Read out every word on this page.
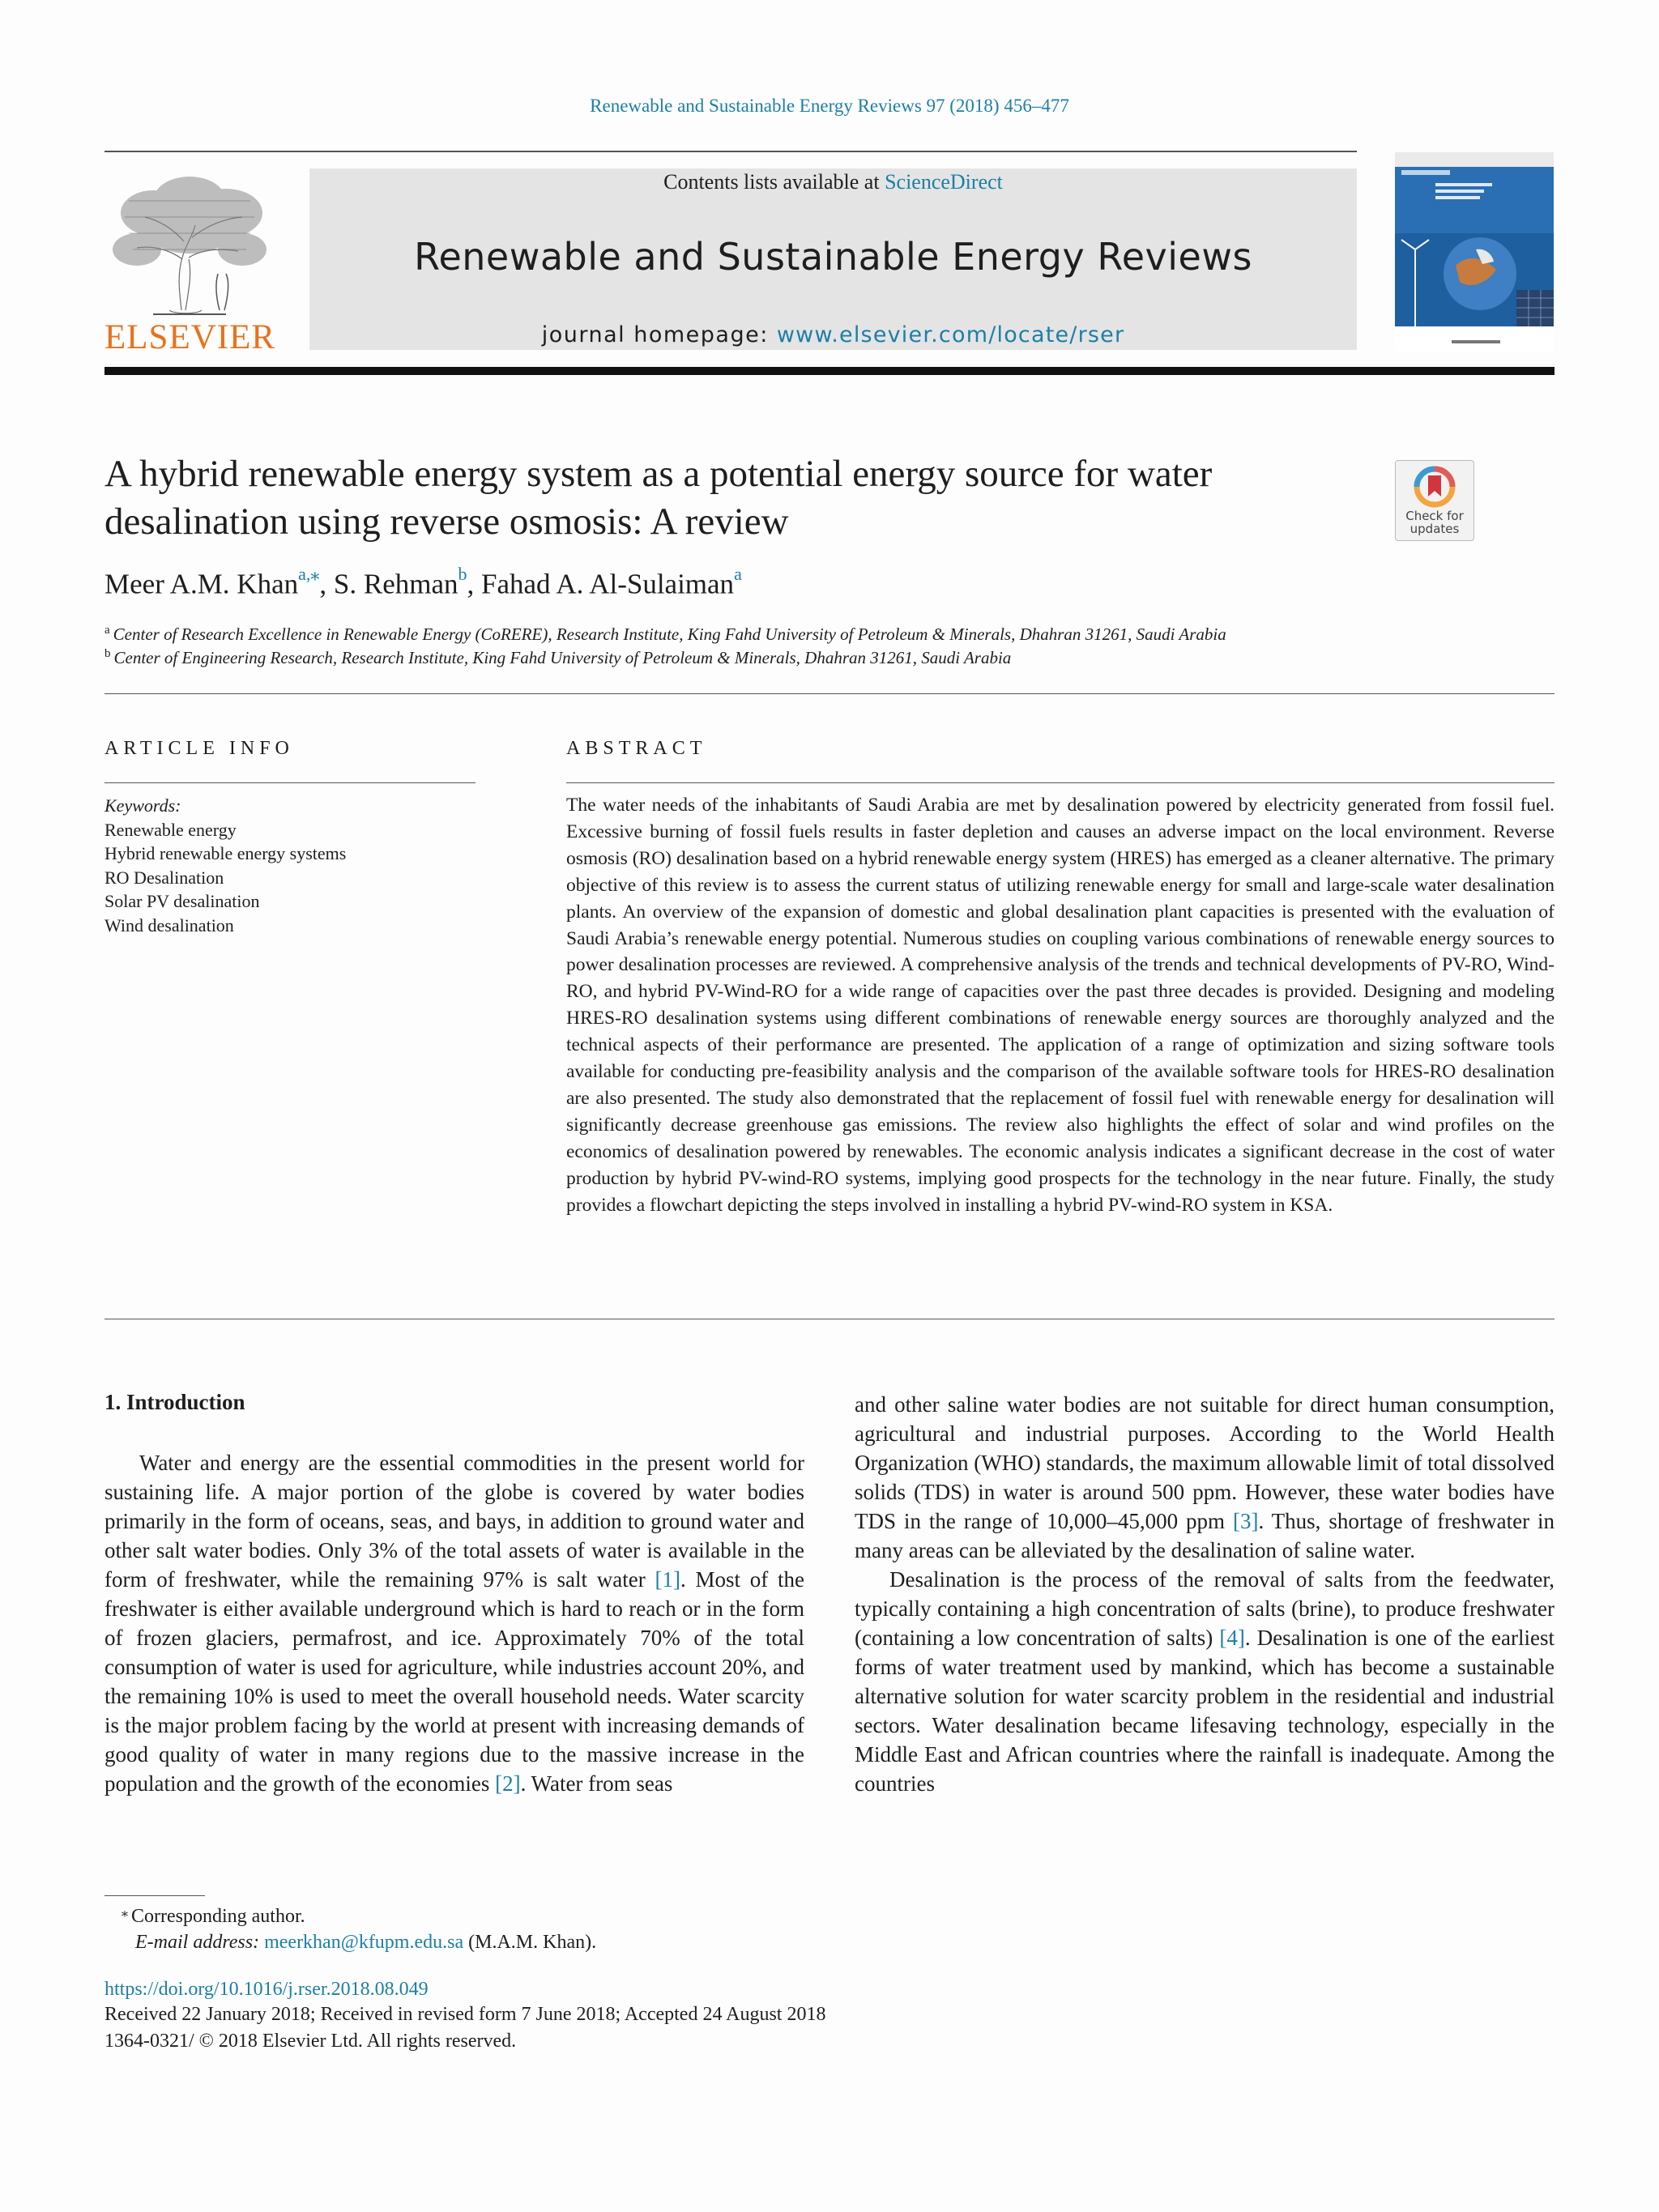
Renewable and Sustainable Energy Reviews 97 (2018) 456–477
ELSEVIER
Contents lists available at ScienceDirect
Renewable and Sustainable Energy Reviews
journal homepage: www.elsevier.com/locate/rser
A hybrid renewable energy system as a potential energy source for water
desalination using reverse osmosis: A review	Check for
updates
Meer A.M. Khan$^{a,⁎}$, S. Rehman$^b$, Fahad A. Al-Sulaiman$^a$
$^a$ Center of Research Excellence in Renewable Energy (CoRERE), Research Institute, King Fahd University of Petroleum & Minerals, Dhahran 31261, Saudi Arabia
$^b$ Center of Engineering Research, Research Institute, King Fahd University of Petroleum & Minerals, Dhahran 31261, Saudi Arabia
ARTICLE INFO	ABSTRACT
Keywords:
Renewable energy
Hybrid renewable energy systems
RO Desalination
Solar PV desalination
Wind desalination
The water needs of the inhabitants of Saudi Arabia are met by desalination powered by electricity generated from fossil fuel. Excessive burning of fossil fuels results in faster depletion and causes an adverse impact on the local environment. Reverse osmosis (RO) desalination based on a hybrid renewable energy system (HRES) has emerged as a cleaner alternative. The primary objective of this review is to assess the current status of utilizing renewable energy for small and large-scale water desalination plants. An overview of the expansion of domestic and global desalination plant capacities is presented with the evaluation of Saudi Arabia’s renewable energy potential. Numerous studies on coupling various combinations of renewable energy sources to power desalination processes are reviewed. A comprehensive analysis of the trends and technical developments of PV-RO, Wind-RO, and hybrid PV-Wind-RO for a wide range of capacities over the past three decades is provided. Designing and modeling HRES-RO desalination systems using different combinations of renewable energy sources are thoroughly analyzed and the technical aspects of their performance are presented. The application of a range of optimization and sizing software tools available for conducting pre-feasibility analysis and the comparison of the available software tools for HRES-RO desalination are also presented. The study also demonstrated that the replacement of fossil fuel with renewable energy for desalination will significantly decrease greenhouse gas emissions. The review also highlights the effect of solar and wind profiles on the economics of desalination powered by renewables. The economic analysis indicates a significant decrease in the cost of water production by hybrid PV-wind-RO systems, implying good prospects for the technology in the near future. Finally, the study provides a flowchart depicting the steps involved in installing a hybrid PV-wind-RO system in KSA.
1. Introduction

Water and energy are the essential commodities in the present world for sustaining life. A major portion of the globe is covered by water bodies primarily in the form of oceans, seas, and bays, in addition to ground water and other salt water bodies. Only 3% of the total assets of water is available in the form of freshwater, while the remaining 97% is salt water [1]. Most of the freshwater is either available underground which is hard to reach or in the form of frozen glaciers, permafrost, and ice. Approximately 70% of the total consumption of water is used for agriculture, while industries account 20%, and the remaining 10% is used to meet the overall household needs. Water scarcity is the major problem facing by the world at present with increasing demands of good quality of water in many regions due to the massive increase in the population and the growth of the economies [2]. Water from seas

and other saline water bodies are not suitable for direct human consumption, agricultural and industrial purposes. According to the World Health Organization (WHO) standards, the maximum allowable limit of total dissolved solids (TDS) in water is around 500 ppm. However, these water bodies have TDS in the range of 10,000–45,000 ppm [3]. Thus, shortage of freshwater in many areas can be alleviated by the desalination of saline water.

Desalination is the process of the removal of salts from the feedwater, typically containing a high concentration of salts (brine), to produce freshwater (containing a low concentration of salts) [4]. Desalination is one of the earliest forms of water treatment used by mankind, which has become a sustainable alternative solution for water scarcity problem in the residential and industrial sectors. Water desalination became lifesaving technology, especially in the Middle East and African countries where the rainfall is inadequate. Among the countries

⁎ Corresponding author.
E-mail address: meerkhan@kfupm.edu.sa (M.A.M. Khan).
https://doi.org/10.1016/j.rser.2018.08.049
Received 22 January 2018; Received in revised form 7 June 2018; Accepted 24 August 2018
1364-0321/ © 2018 Elsevier Ltd. All rights reserved.
